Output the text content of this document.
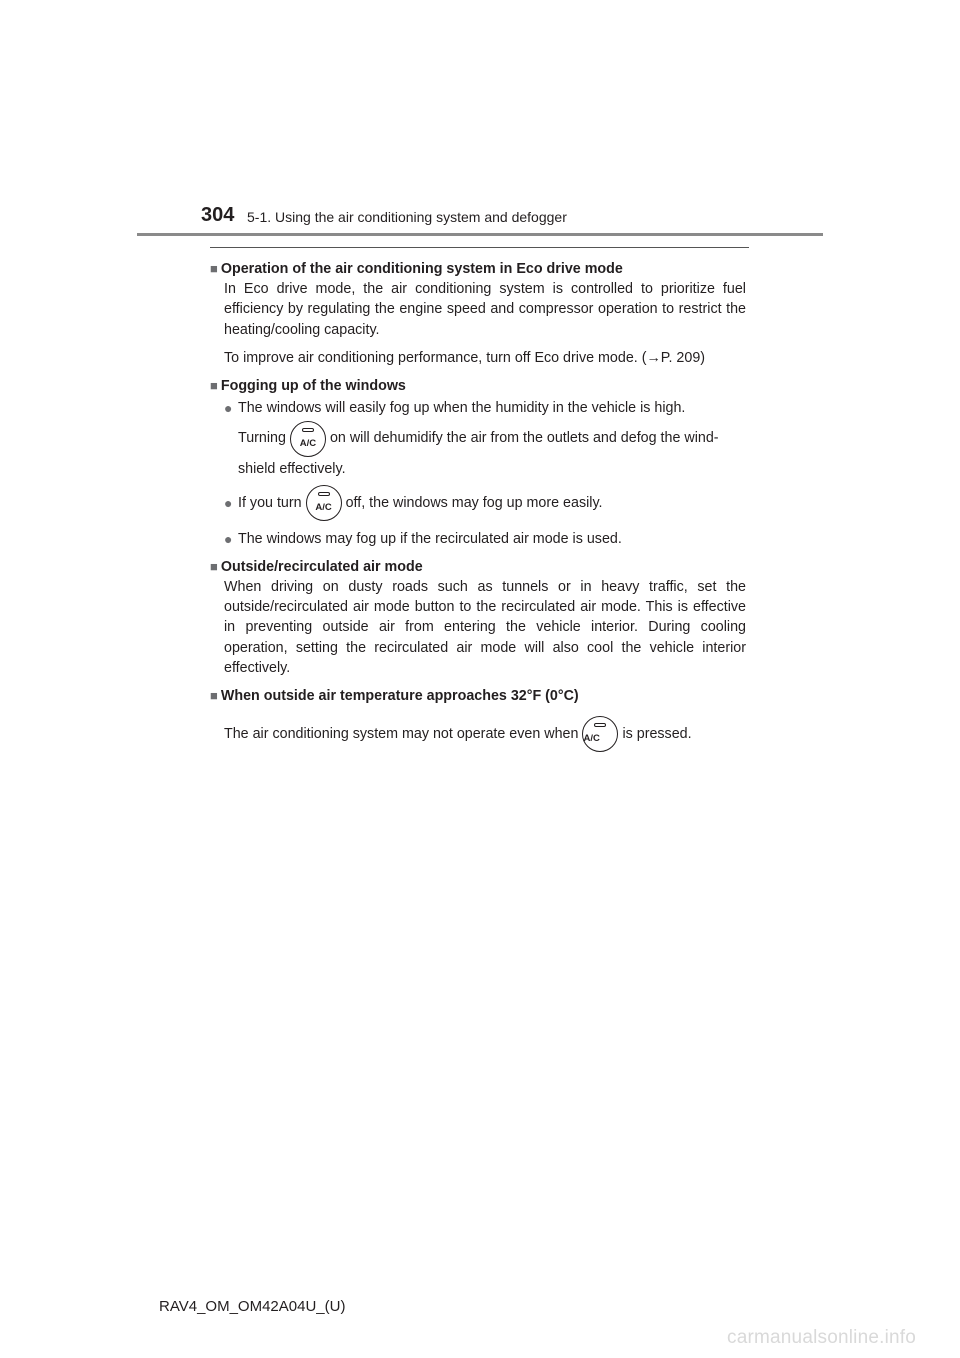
304 5-1. Using the air conditioning system and defogger
■ Operation of the air conditioning system in Eco drive mode

In Eco drive mode, the air conditioning system is controlled to prioritize fuel efficiency by regulating the engine speed and compressor operation to restrict the heating/cooling capacity.

To improve air conditioning performance, turn off Eco drive mode. (→P. 209)

■ Fogging up of the windows
● The windows will easily fog up when the humidity in the vehicle is high.
Turning	A/C on will dehumidify the air from the outlets and defog the wind-
shield effectively.
● If you turn	A/C off, the windows may fog up more easily.
● The windows may fog up if the recirculated air mode is used.
■ Outside/recirculated air mode

When driving on dusty roads such as tunnels or in heavy traffic, set the outside/recirculated air mode button to the recirculated air mode. This is effective in preventing outside air from entering the vehicle interior. During cooling operation, setting the recirculated air mode will also cool the vehicle interior effectively.

■ When outside air temperature approaches 32°F (0°C)
The air conditioning system may not operate even when A/C	is pressed.
RAV4_OM_OM42A04U_(U)
carmanualsonline.info
